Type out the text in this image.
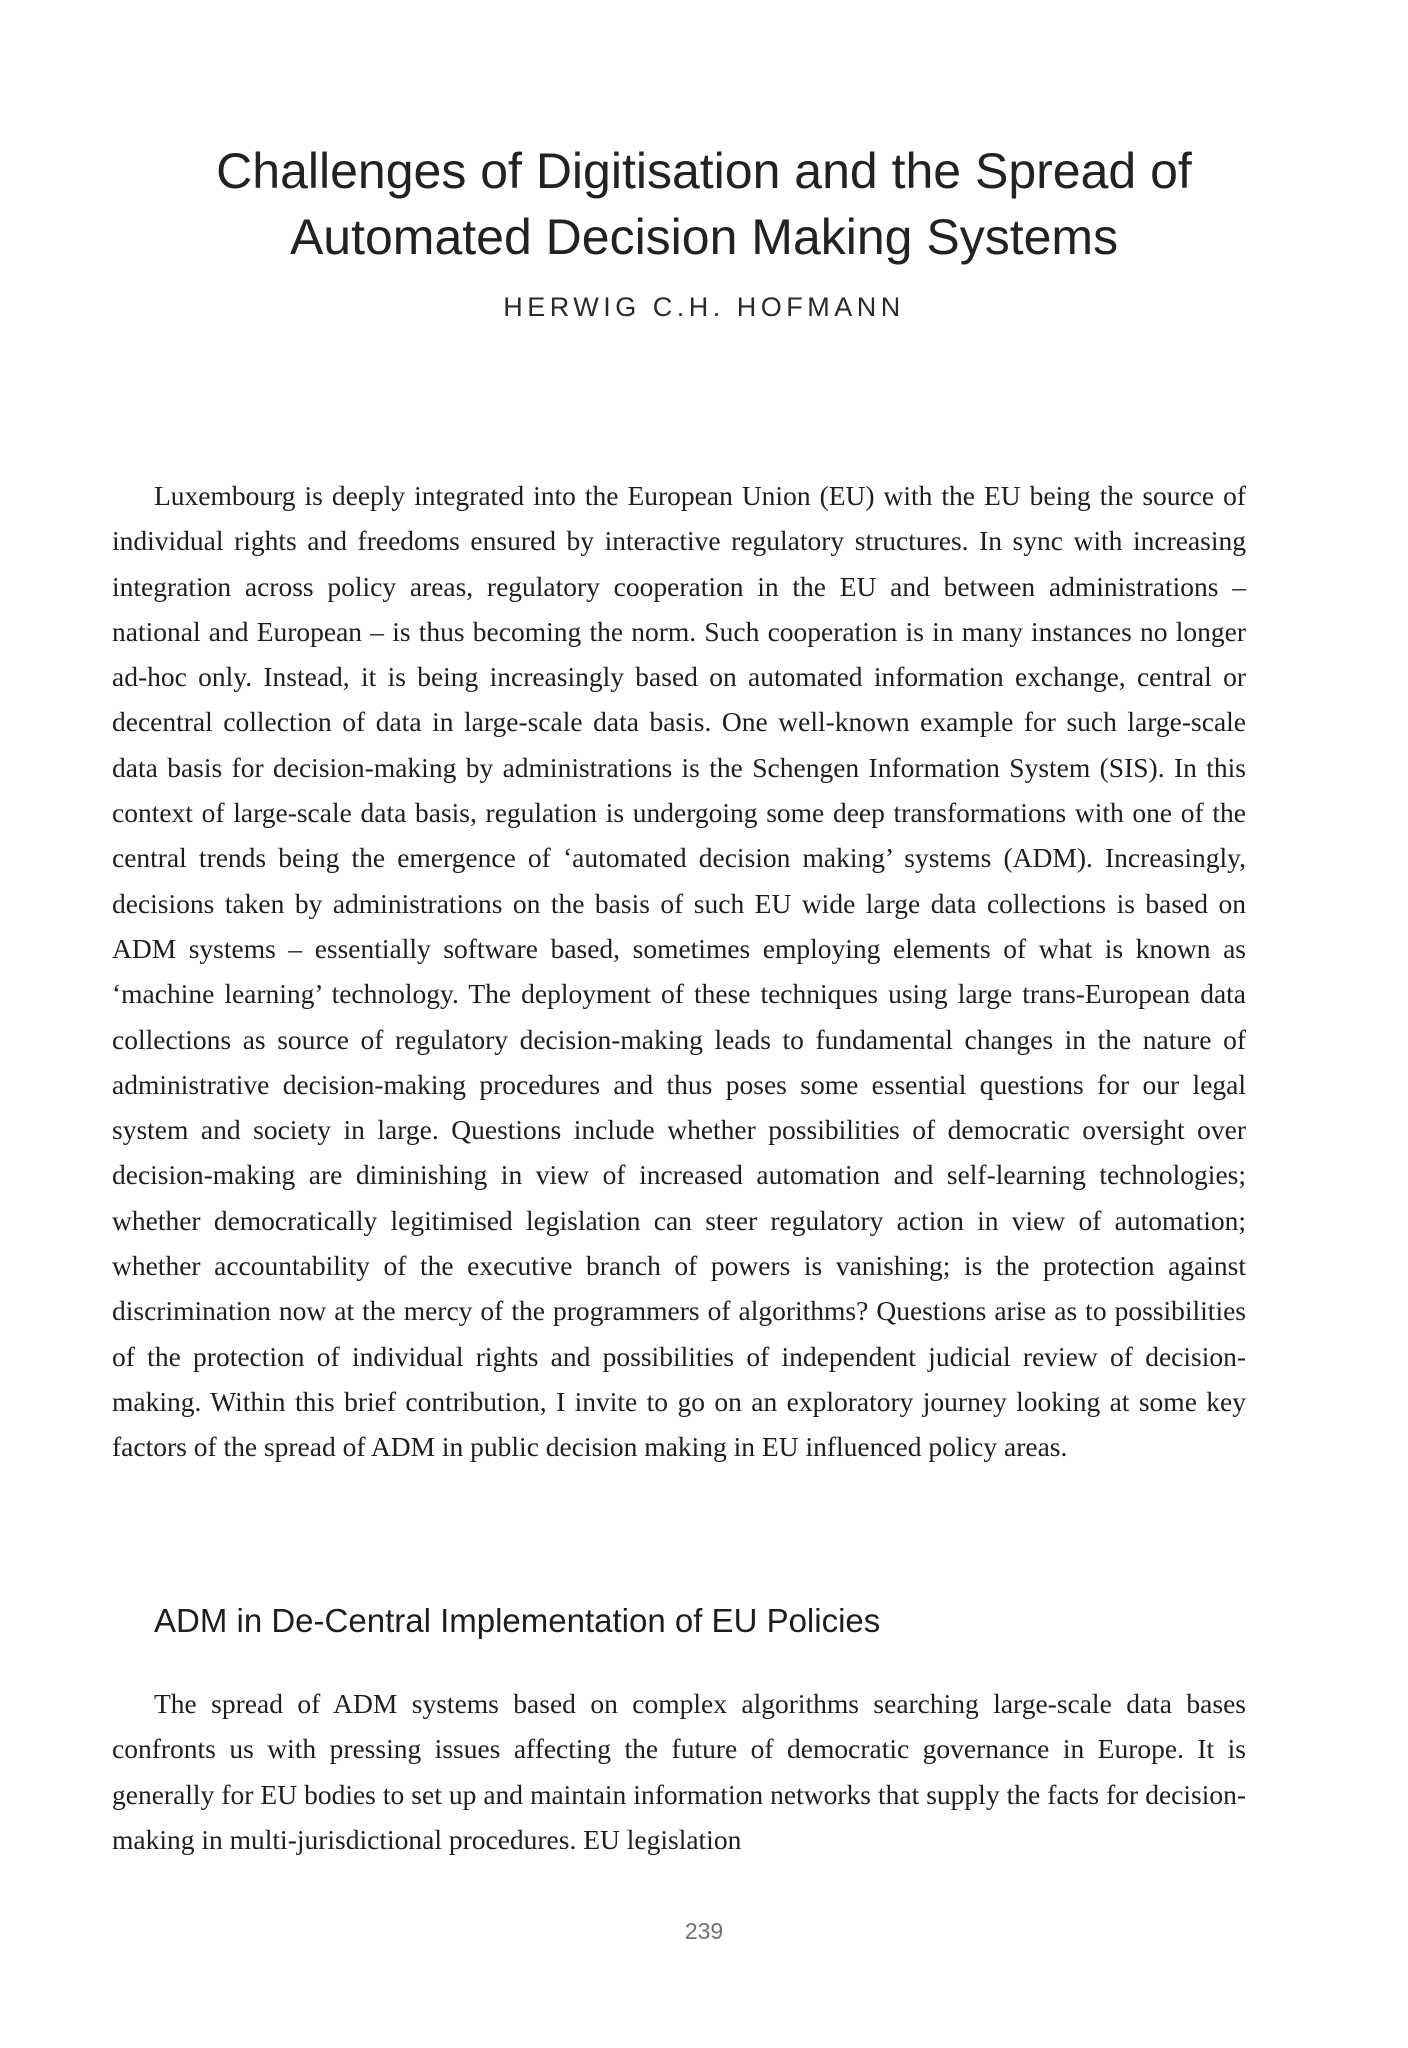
Challenges of Digitisation and the Spread of
Automated Decision Making Systems
HERWIG C.H. HOFMANN

Luxembourg is deeply integrated into the European Union (EU) with the EU being the source of individual rights and freedoms ensured by interactive regulatory structures. In sync with increasing integration across policy areas, regulatory cooperation in the EU and between administrations – national and European – is thus becoming the norm. Such cooperation is in many instances no longer ad-hoc only. Instead, it is being increasingly based on automated information exchange, central or decentral collection of data in large-scale data basis. One well-known example for such large-scale data basis for decision-making by administrations is the Schengen Information System (SIS). In this context of large-scale data basis, regulation is undergoing some deep transformations with one of the central trends being the emergence of ‘automated decision making’ systems (ADM). Increasingly, decisions taken by administrations on the basis of such EU wide large data collections is based on ADM systems – essentially software based, sometimes employing elements of what is known as ‘machine learning’ technology. The deployment of these techniques using large trans-European data collections as source of regulatory decision-making leads to fundamental changes in the nature of administrative decision-making procedures and thus poses some essential questions for our legal system and society in large. Questions include whether possibilities of democratic oversight over decision-making are diminishing in view of increased automation and self-learning technologies; whether democratically legitimised legislation can steer regulatory action in view of automation; whether accountability of the executive branch of powers is vanishing; is the protection against discrimination now at the mercy of the programmers of algorithms? Questions arise as to possibilities of the protection of individual rights and possibilities of independent judicial review of decision-making. Within this brief contribution, I invite to go on an exploratory journey looking at some key factors of the spread of ADM in public decision making in EU influenced policy areas.

ADM in De-Central Implementation of EU Policies

The spread of ADM systems based on complex algorithms searching large-scale data bases confronts us with pressing issues affecting the future of democratic governance in Europe. It is generally for EU bodies to set up and maintain information networks that supply the facts for decision-making in multi-jurisdictional procedures. EU legislation

239
